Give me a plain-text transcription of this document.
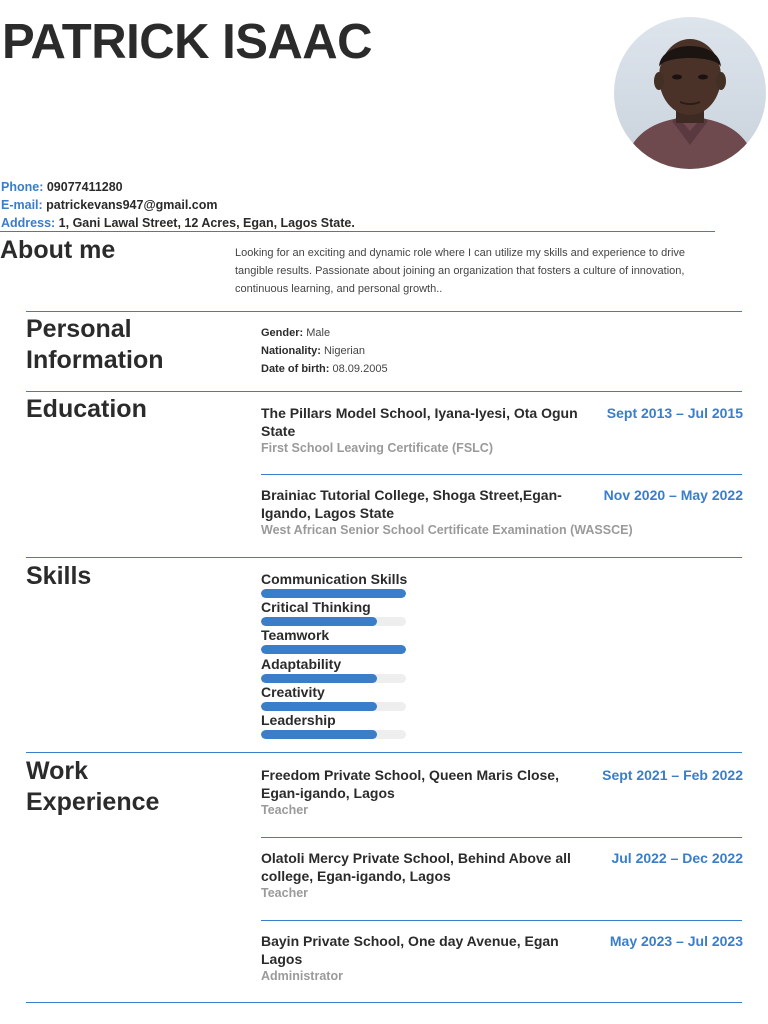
PATRICK ISAAC
Phone: 09077411280
E-mail: patrickevans947@gmail.com
Address: 1, Gani Lawal Street, 12 Acres, Egan, Lagos State.
About me	Looking for an exciting and dynamic role where I can utilize my skills and experience to drive tangible results. Passionate about joining an organization that fosters a culture of innovation, continuous learning, and personal growth..
Personal
Information
Gender: Male
Nationality: Nigerian
Date of birth: 08.09.2005
Education	The Pillars Model School, Iyana-Iyesi, Ota Ogun State
Sept 2013 – Jul 2015
First School Leaving Certificate (FSLC)
Brainiac Tutorial College, Shoga Street,Egan-Igando, Lagos State
Nov 2020 – May 2022
West African Senior School Certificate Examination (WASSCE)
Skills	Communication Skills
Critical Thinking
Teamwork
Adaptability
Creativity
Leadership
Work
Experience
Freedom Private School, Queen Maris Close, Egan-igando, Lagos
Sept 2021 – Feb 2022
Teacher
Olatoli Mercy Private School, Behind Above all college, Egan-igando, Lagos
Jul 2022 – Dec 2022
Teacher
Bayin Private School, One day Avenue, Egan Lagos
May 2023 – Jul 2023
Administrator
